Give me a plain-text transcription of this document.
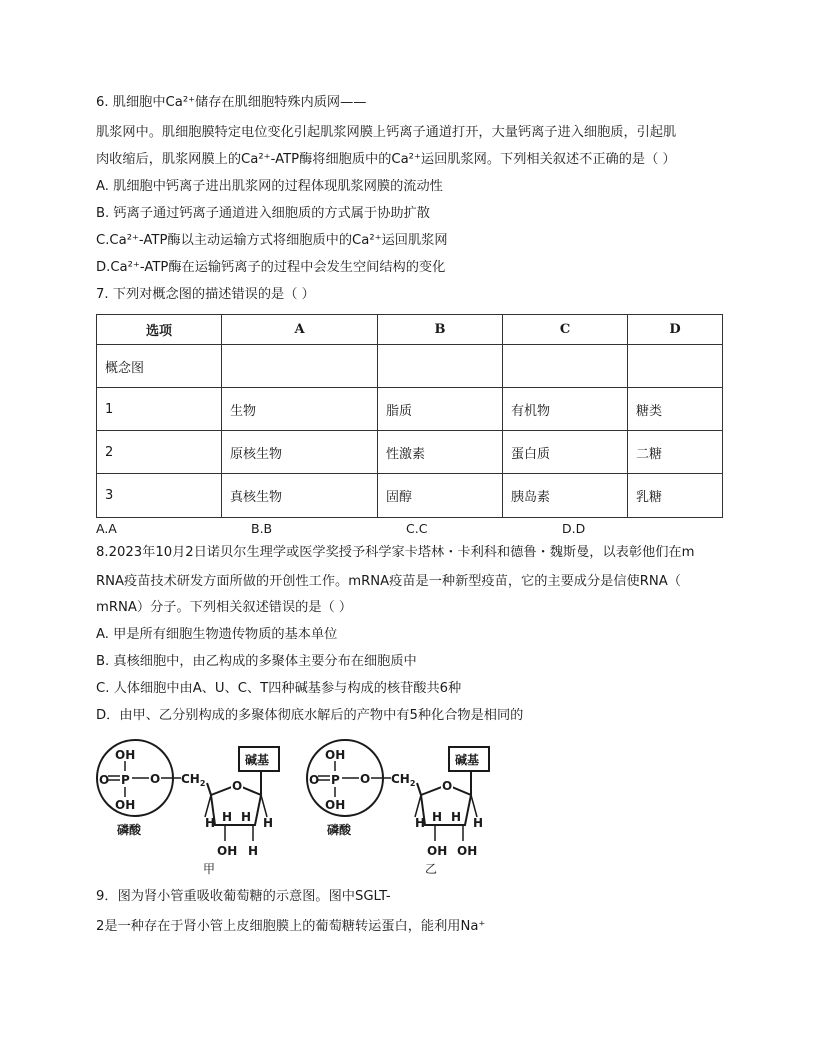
6. 肌细胞中Ca²⁺储存在肌细胞特殊内质网——
肌浆网中。肌细胞膜特定电位变化引起肌浆网膜上钙离子通道打开，大量钙离子进入细胞质，引起肌
肉收缩后，肌浆网膜上的Ca²⁺-ATP酶将细胞质中的Ca²⁺运回肌浆网。下列相关叙述不正确的是（ ）
A. 肌细胞中钙离子进出肌浆网的过程体现肌浆网膜的流动性
B. 钙离子通过钙离子通道进入细胞质的方式属于协助扩散
C.Ca²⁺-ATP酶以主动运输方式将细胞质中的Ca²⁺运回肌浆网
D.Ca²⁺-ATP酶在运输钙离子的过程中会发生空间结构的变化
7. 下列对概念图的描述错误的是（ ）
选项	A	B	C	D
概念图				
1	生物	脂质	有机物	糖类
2	原核生物	性激素	蛋白质	二糖
3	真核生物	固醇	胰岛素	乳糖
A.A	B.B	C.C	D.D
8.2023年10月2日诺贝尔生理学或医学奖授予科学家卡塔林・卡利科和德鲁・魏斯曼，以表彰他们在m
RNA疫苗技术研发方面所做的开创性工作。mRNA疫苗是一种新型疫苗，它的主要成分是信使RNA（
mRNA）分子。下列相关叙述错误的是（ ）
A. 甲是所有细胞生物遗传物质的基本单位
B. 真核细胞中，由乙构成的多聚体主要分布在细胞质中
C. 人体细胞中由A、U、C、T四种碱基参与构成的核苷酸共6种
D．由甲、乙分别构成的多聚体彻底水解后的产物中有5种化合物是相同的
OH
OH
O P O $CH_2$ O
碱基
H	H
H H
OH H
磷酸
甲
OH
OH
O P O $CH_2$ O
碱基
H	H
H H
OH OH
磷酸
乙
9．图为肾小管重吸收葡萄糖的示意图。图中SGLT-
2是一种存在于肾小管上皮细胞膜上的葡萄糖转运蛋白，能利用Na⁺
